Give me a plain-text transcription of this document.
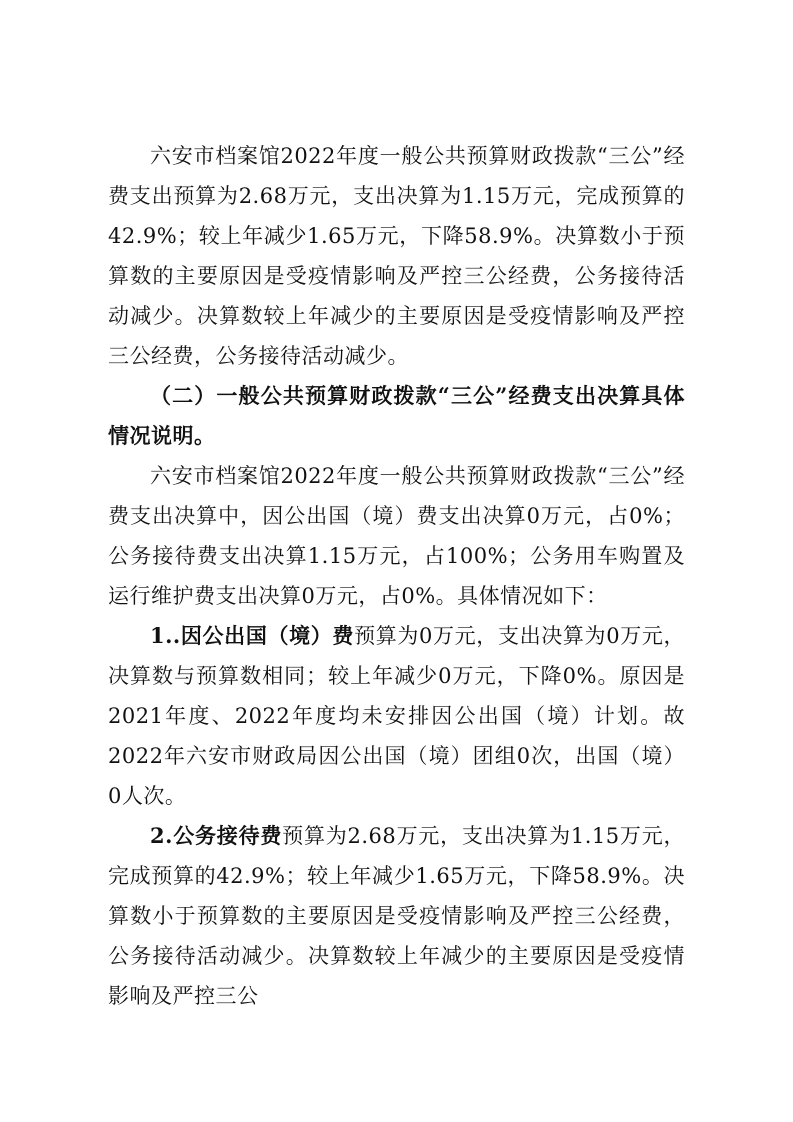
六安市档案馆2022年度一般公共预算财政拨款“三公”经费支出预算为2.68万元，支出决算为1.15万元，完成预算的42.9%；较上年减少1.65万元，下降58.9%。决算数小于预算数的主要原因是受疫情影响及严控三公经费，公务接待活动减少。决算数较上年减少的主要原因是受疫情影响及严控三公经费，公务接待活动减少。

（二）一般公共预算财政拨款“三公”经费支出决算具体情况说明。

六安市档案馆2022年度一般公共预算财政拨款“三公”经费支出决算中，因公出国（境）费支出决算0万元，占0%；公务接待费支出决算1.15万元，占100%；公务用车购置及运行维护费支出决算0万元，占0%。具体情况如下：

1..因公出国（境）费预算为0万元，支出决算为0万元，决算数与预算数相同；较上年减少0万元，下降0%。原因是2021年度、2022年度均未安排因公出国（境）计划。故2022年六安市财政局因公出国（境）团组0次，出国（境）0人次。

2.公务接待费预算为2.68万元，支出决算为1.15万元，完成预算的42.9%；较上年减少1.65万元，下降58.9%。决算数小于预算数的主要原因是受疫情影响及严控三公经费，公务接待活动减少。决算数较上年减少的主要原因是受疫情影响及严控三公
